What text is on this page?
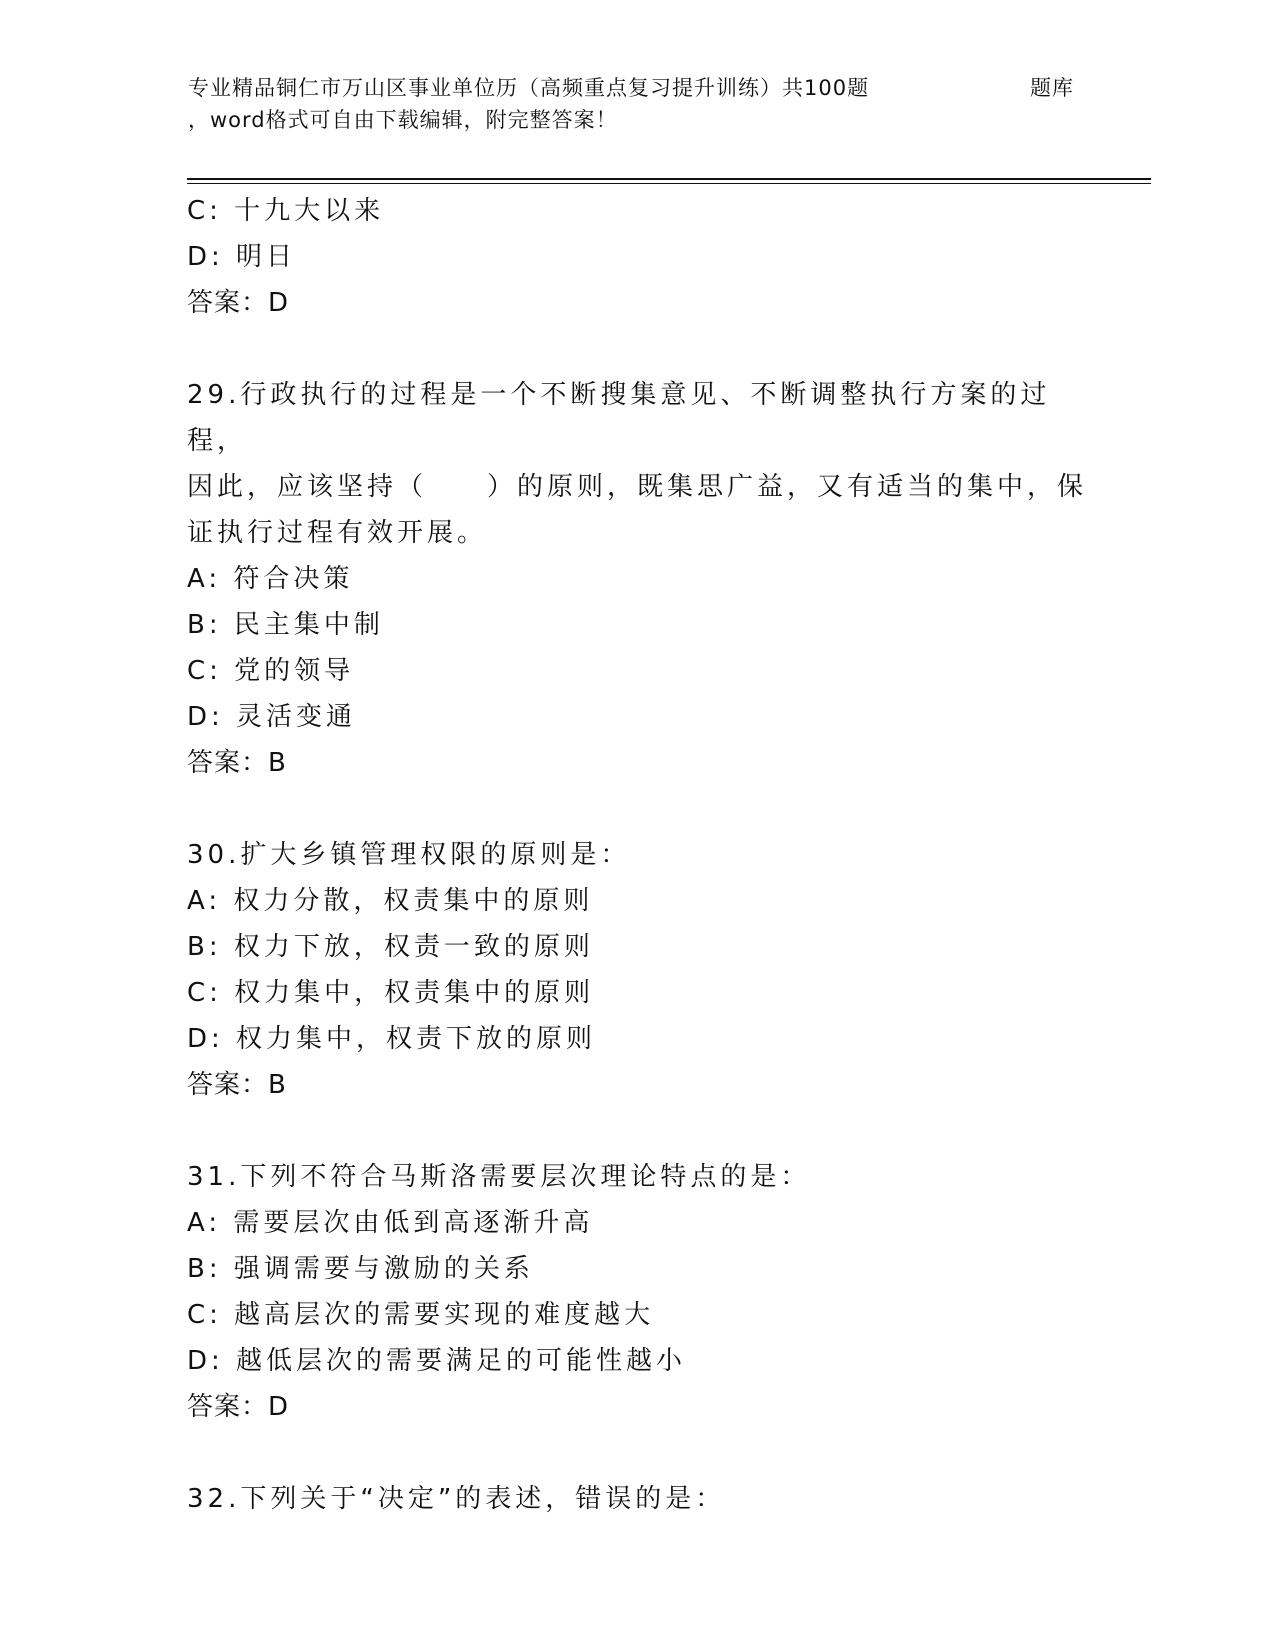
专业精品铜仁市万山区事业单位历（高频重点复习提升训练）共100题
，word格式可自由下载编辑，附完整答案！
题库
C: 十九大以来
D: 明日
答案：D
29.行政执行的过程是一个不断搜集意见、不断调整执行方案的过程，
因此，应该坚持（　　）的原则，既集思广益，又有适当的集中，保
证执行过程有效开展。
A: 符合决策
B: 民主集中制
C: 党的领导
D: 灵活变通
答案：B
30.扩大乡镇管理权限的原则是：
A: 权力分散，权责集中的原则
B: 权力下放，权责一致的原则
C: 权力集中，权责集中的原则
D: 权力集中，权责下放的原则
答案：B
31.下列不符合马斯洛需要层次理论特点的是：
A: 需要层次由低到高逐渐升高
B: 强调需要与激励的关系
C: 越高层次的需要实现的难度越大
D: 越低层次的需要满足的可能性越小
答案：D
32.下列关于“决定”的表述，错误的是：
